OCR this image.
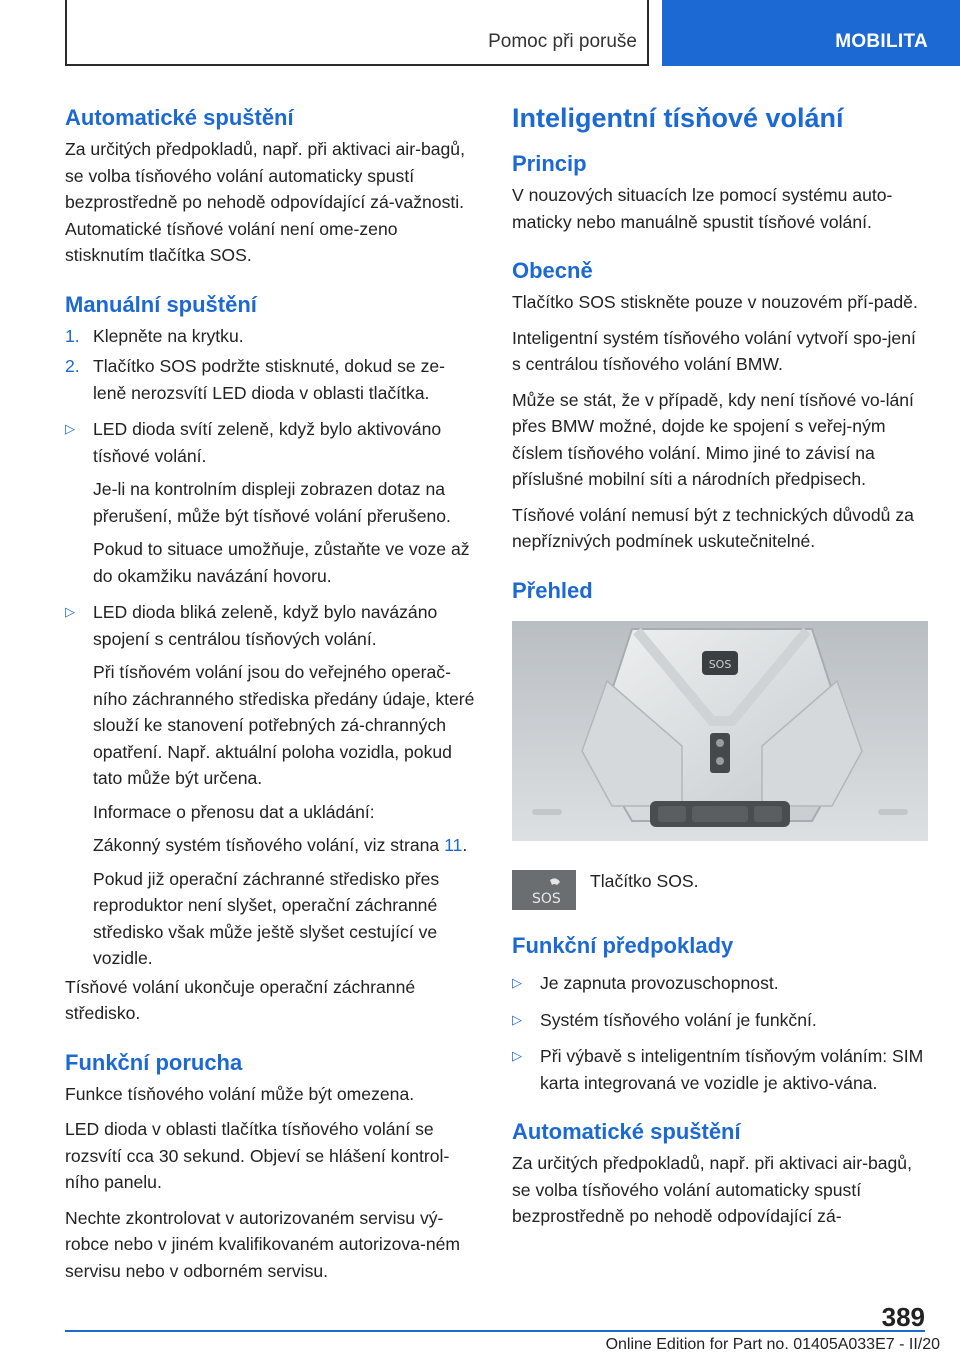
Pomoc při poruše	MOBILITA
Automatické spuštění

Za určitých předpokladů, např. při aktivaci air-bagů, se volba tísňového volání automaticky spustí bezprostředně po nehodě odpovídající zá-važnosti. Automatické tísňové volání není ome-zeno stisknutím tlačítka SOS.

Manuální spuštění
1. Klepněte na krytku.
2. Tlačítko SOS podržte stisknuté, dokud se ze-leně nerozsvítí LED dioda v oblasti tlačítka.
▷	LED dioda svítí zeleně, když bylo aktivováno tísňové volání.

Je-li na kontrolním displeji zobrazen dotaz na přerušení, může být tísňové volání přerušeno.

Pokud to situace umožňuje, zůstaňte ve voze až do okamžiku navázání hovoru.

▷	LED dioda bliká zeleně, když bylo navázáno spojení s centrálou tísňových volání.

Při tísňovém volání jsou do veřejného operač-ního záchranného střediska předány údaje, které slouží ke stanovení potřebných zá-chranných opatření. Např. aktuální poloha vozidla, pokud tato může být určena.

Informace o přenosu dat a ukládání:

Zákonný systém tísňového volání, viz strana 11.

Pokud již operační záchranné středisko přes reproduktor není slyšet, operační záchranné středisko však může ještě slyšet cestující ve vozidle.

Tísňové volání ukončuje operační záchranné středisko.

Funkční porucha

Funkce tísňového volání může být omezena.

LED dioda v oblasti tlačítka tísňového volání se rozsvítí cca 30 sekund. Objeví se hlášení kontrol-ního panelu.

Nechte zkontrolovat v autorizovaném servisu vý-robce nebo v jiném kvalifikovaném autorizova-ném servisu nebo v odborném servisu.

Inteligentní tísňové volání
Princip

V nouzových situacích lze pomocí systému auto-maticky nebo manuálně spustit tísňové volání.

Obecně

Tlačítko SOS stiskněte pouze v nouzovém pří-padě.

Inteligentní systém tísňového volání vytvoří spo-jení s centrálou tísňového volání BMW.

Může se stát, že v případě, kdy není tísňové vo-lání přes BMW možné, dojde ke spojení s veřej-ným číslem tísňového volání. Mimo jiné to závisí na příslušné mobilní síti a národních předpisech.

Tísňové volání nemusí být z technických důvodů za nepříznivých podmínek uskutečnitelné.

Přehled
SOS
SOS
Tlačítko SOS.
Funkční předpoklady
▷	Je zapnuta provozuschopnost.
▷	Systém tísňového volání je funkční.
▷	Při výbavě s inteligentním tísňovým voláním: SIM karta integrovaná ve vozidle je aktivo-vána.
Automatické spuštění

Za určitých předpokladů, např. při aktivaci air-bagů, se volba tísňového volání automaticky spustí bezprostředně po nehodě odpovídající zá-

389
Online Edition for Part no. 01405A033E7 - II/20
